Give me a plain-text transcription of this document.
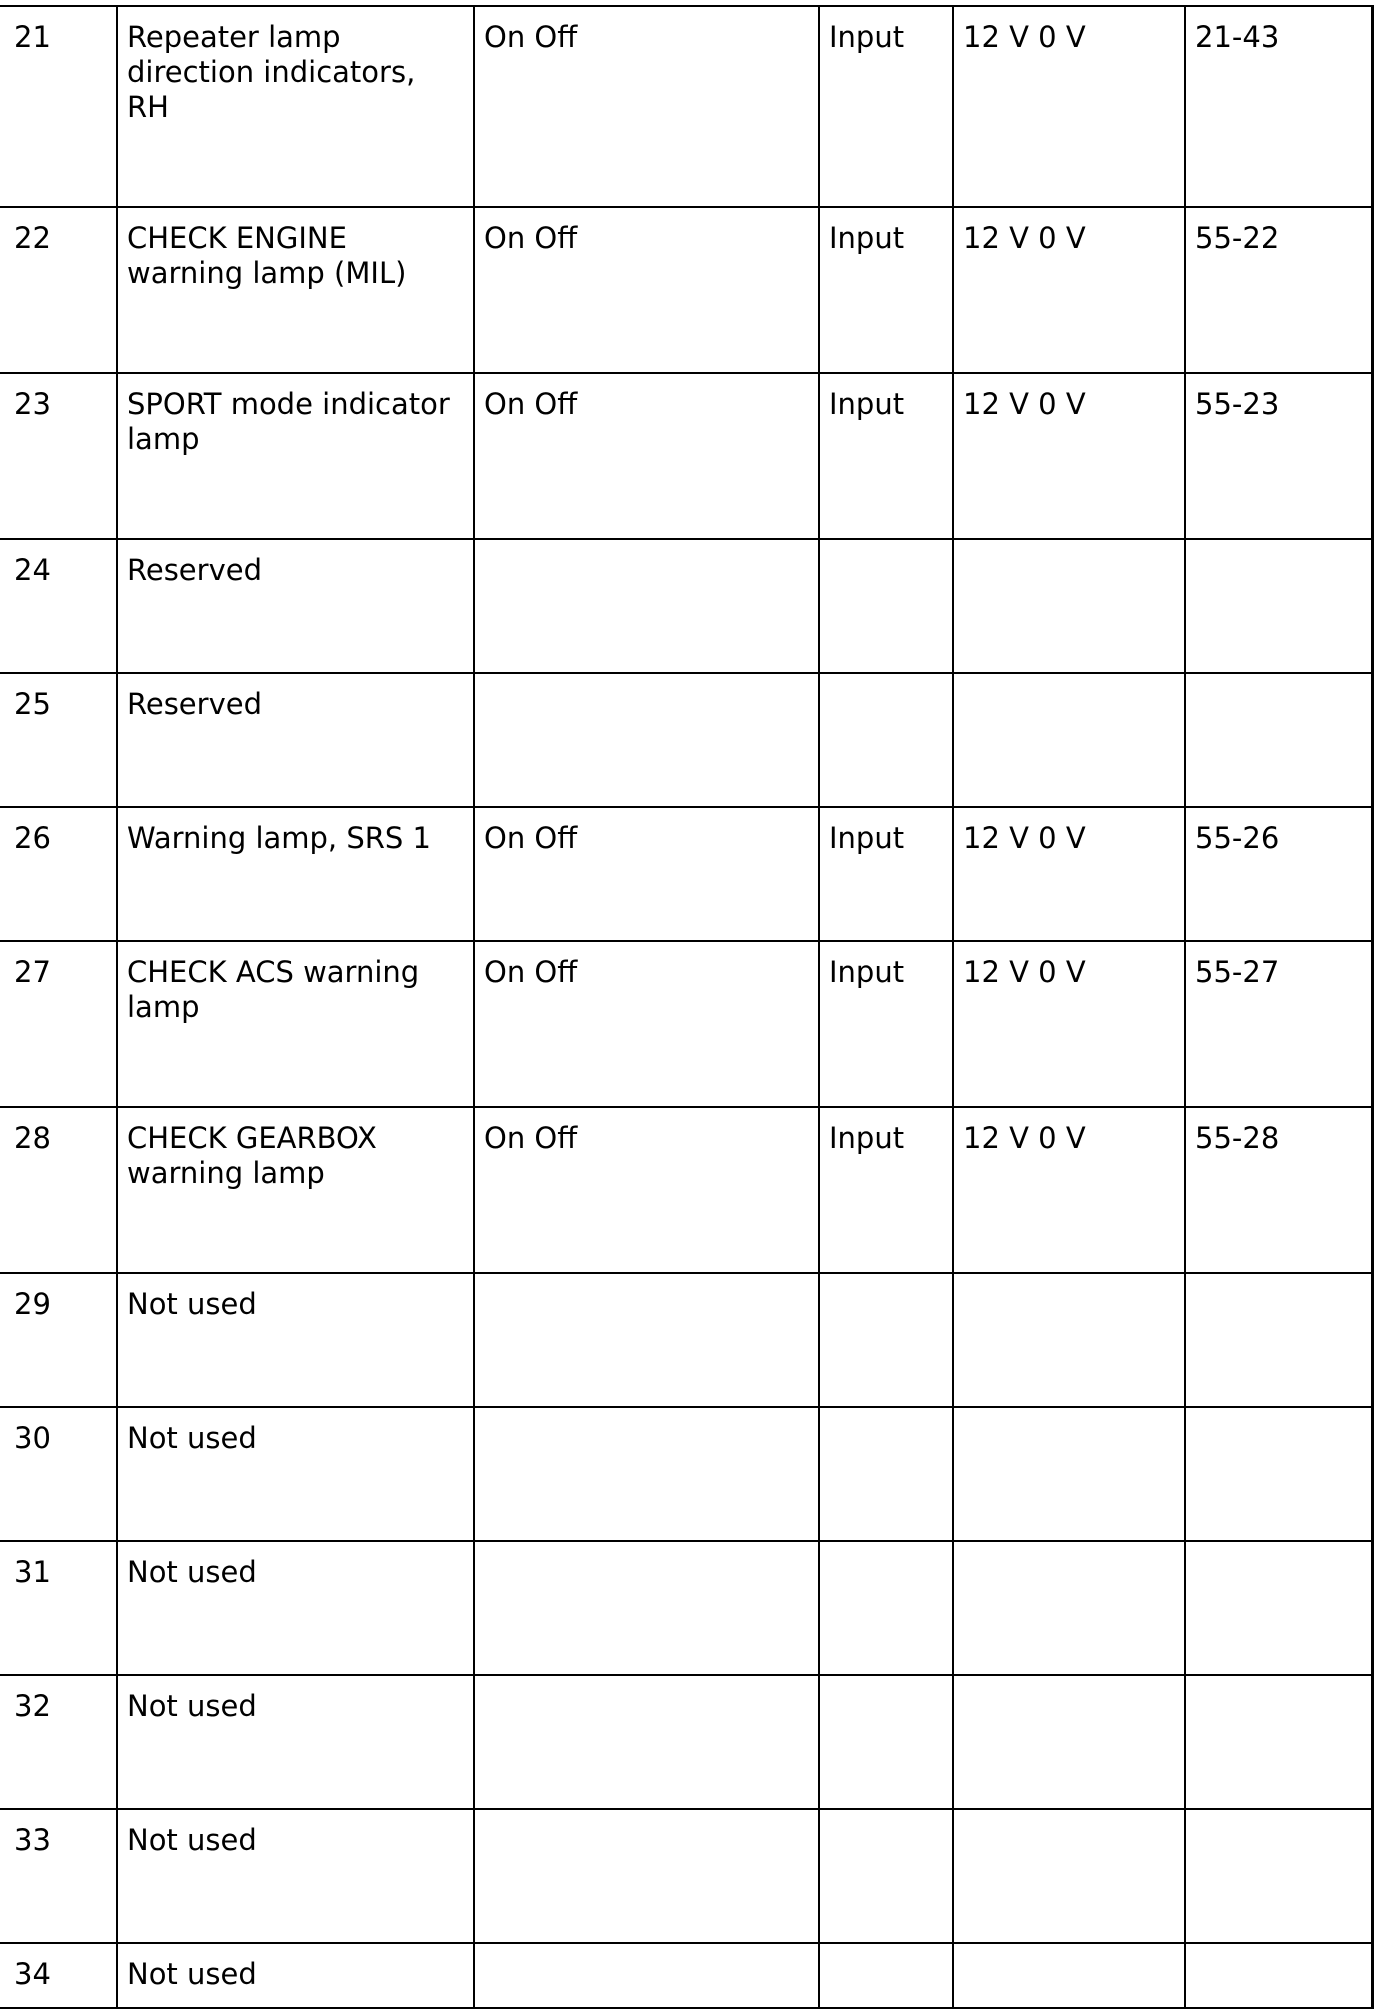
21	Repeater lamp direction indicators, RH	On Off	Input	12 V 0 V	21-43
22	CHECK ENGINE warning lamp (MIL)	On Off	Input	12 V 0 V	55-22
23	SPORT mode indicator lamp	On Off	Input	12 V 0 V	55-23
24	Reserved				
25	Reserved				
26	Warning lamp, SRS 1	On Off	Input	12 V 0 V	55-26
27	CHECK ACS warning lamp	On Off	Input	12 V 0 V	55-27
28	CHECK GEARBOX warning lamp	On Off	Input	12 V 0 V	55-28
29	Not used				
30	Not used				
31	Not used				
32	Not used				
33	Not used				
34	Not used				
